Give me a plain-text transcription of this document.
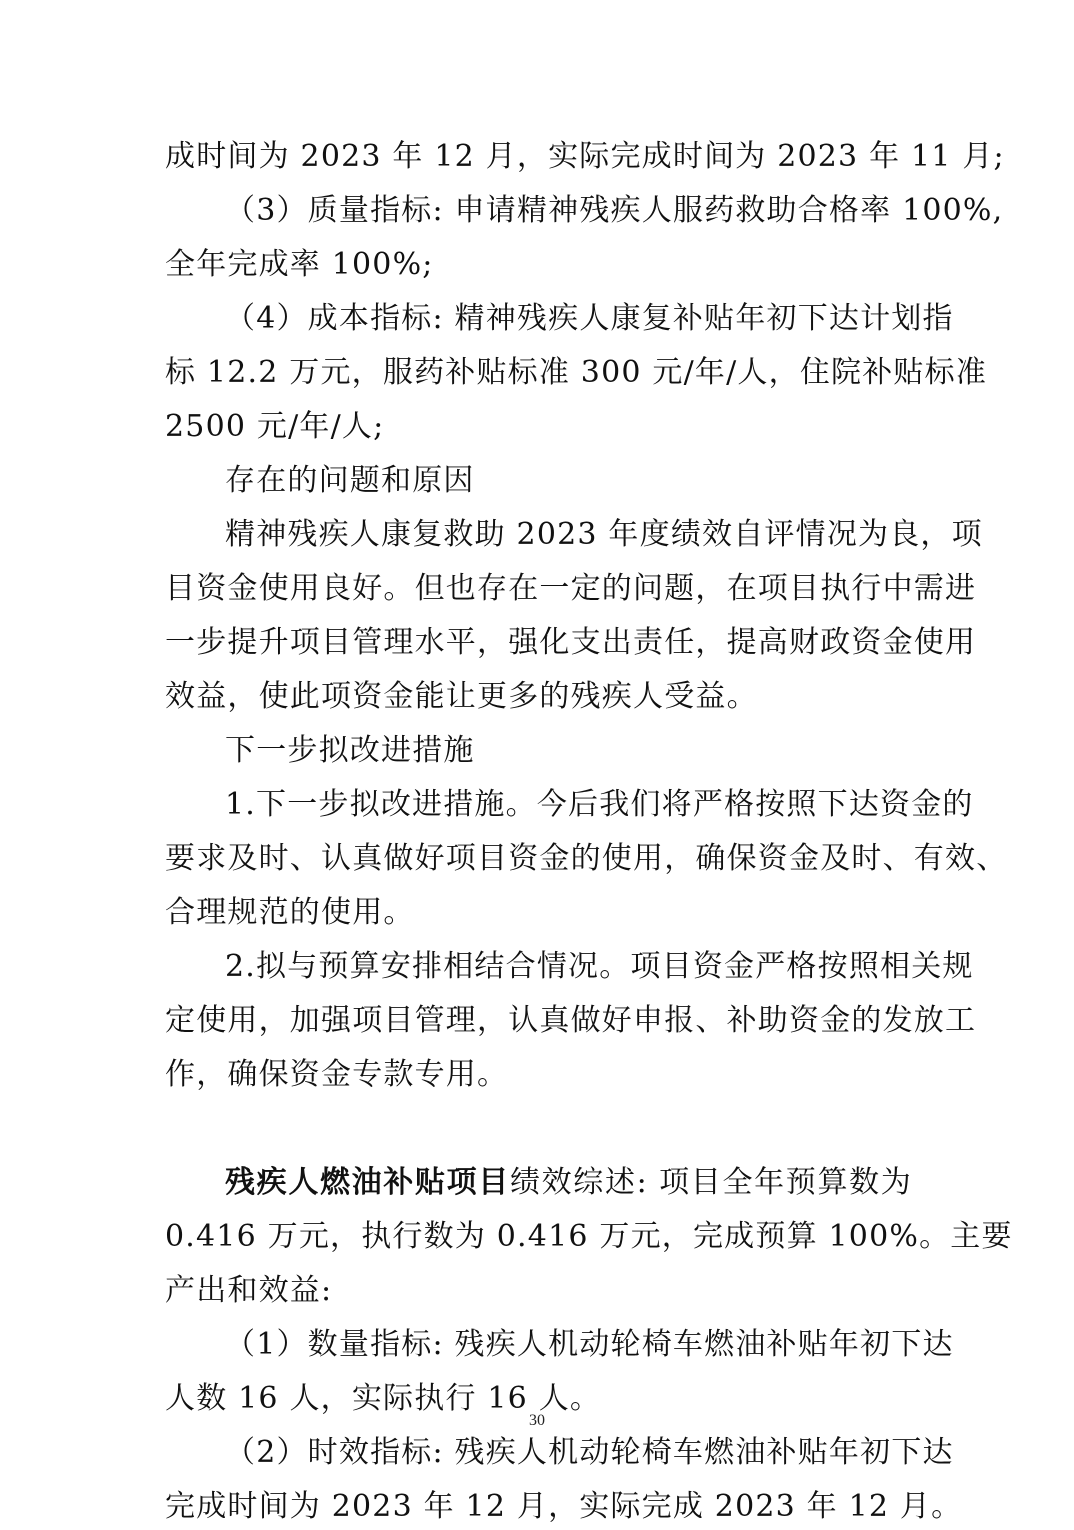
成时间为 2023 年 12 月，实际完成时间为 2023 年 11 月;
（3）质量指标: 申请精神残疾人服药救助合格率 100%,
全年完成率 100%;
（4）成本指标: 精神残疾人康复补贴年初下达计划指
标 12.2 万元，服药补贴标准 300 元/年/人，住院补贴标准
2500 元/年/人;
存在的问题和原因
精神残疾人康复救助 2023 年度绩效自评情况为良，项
目资金使用良好。但也存在一定的问题，在项目执行中需进
一步提升项目管理水平，强化支出责任，提高财政资金使用
效益，使此项资金能让更多的残疾人受益。
下一步拟改进措施
1.下一步拟改进措施。今后我们将严格按照下达资金的
要求及时、认真做好项目资金的使用，确保资金及时、有效、
合理规范的使用。
2.拟与预算安排相结合情况。项目资金严格按照相关规
定使用，加强项目管理，认真做好申报、补助资金的发放工
作，确保资金专款专用。
残疾人燃油补贴项目绩效综述: 项目全年预算数为
0.416 万元，执行数为 0.416 万元，完成预算 100%。主要
产出和效益:
（1）数量指标: 残疾人机动轮椅车燃油补贴年初下达
人数 16 人，实际执行 16 人。
（2）时效指标: 残疾人机动轮椅车燃油补贴年初下达
完成时间为 2023 年 12 月，实际完成 2023 年 12 月。
30
